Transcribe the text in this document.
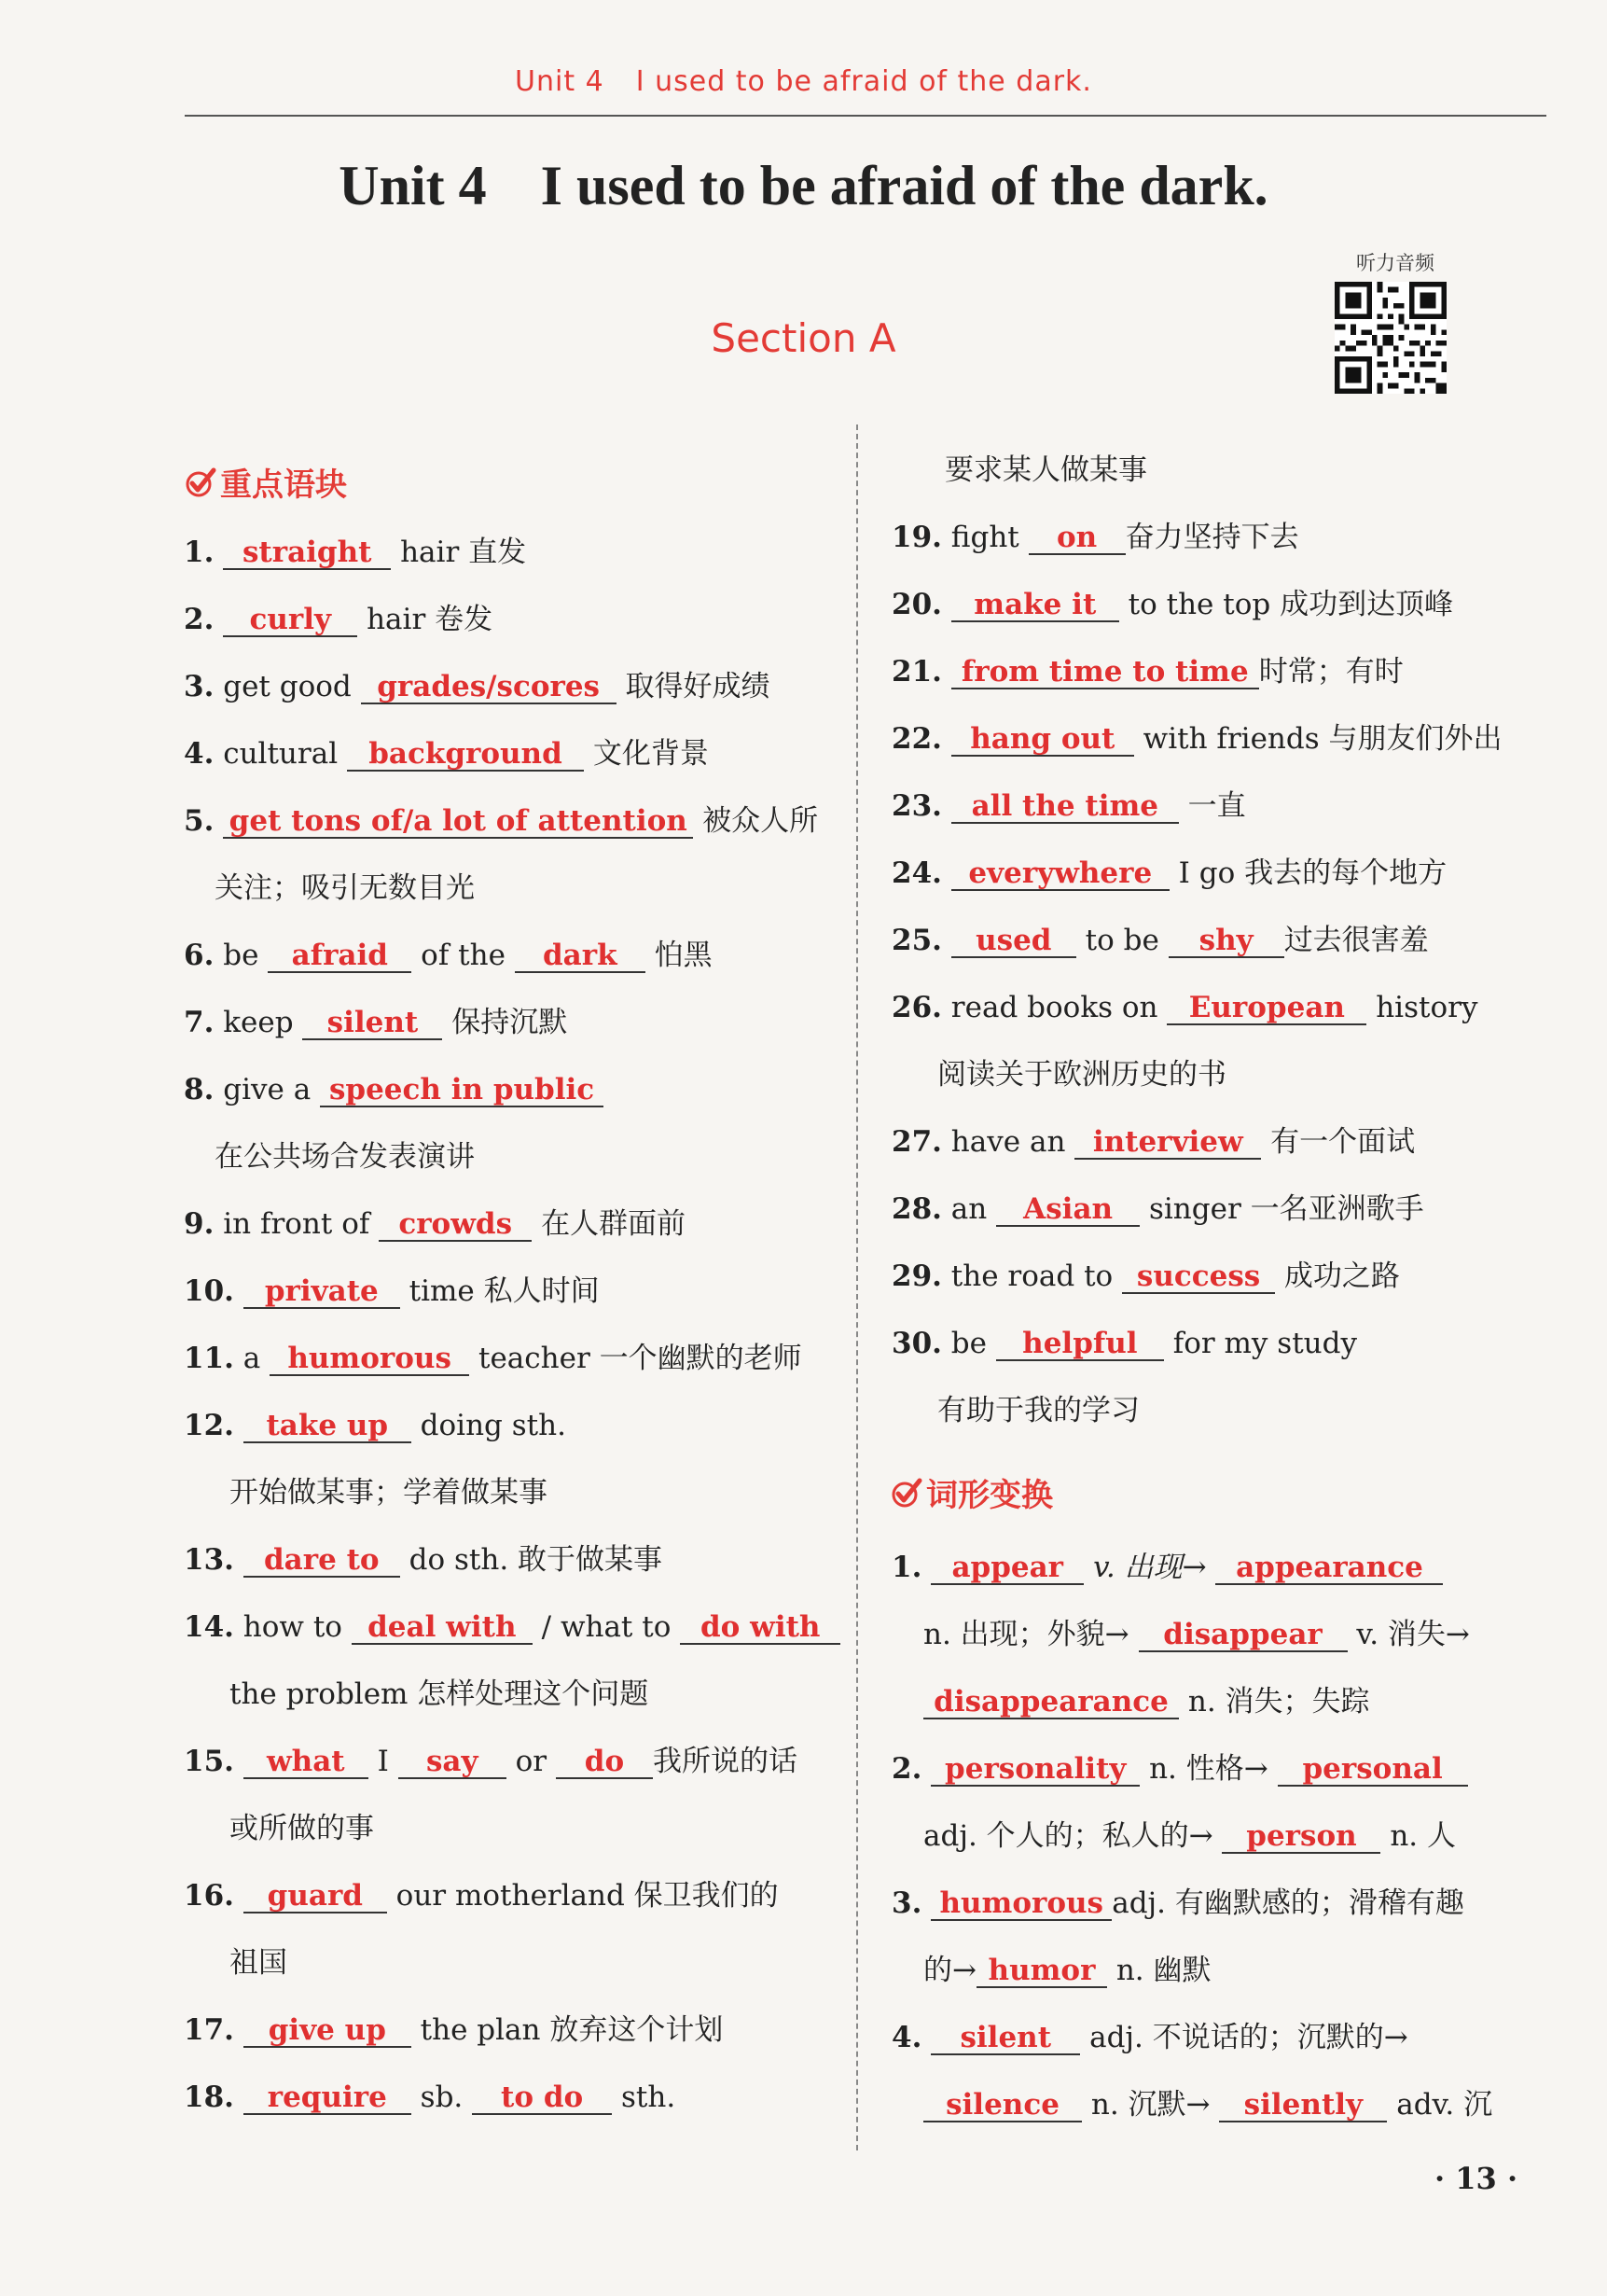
Unit 4 I used to be afraid of the dark.
Unit 4 I used to be afraid of the dark.
听力音频
Section A
重点语块
1. straight hair 直发
2. curly hair 卷发
3. get good grades/scores 取得好成绩
4. cultural background 文化背景
5. get tons of/a lot of attention 被众人所
关注；吸引无数目光
6. be afraid of the dark 怕黑
7. keep silent 保持沉默
8. give a speech in public
在公共场合发表演讲
9. in front of crowds 在人群面前
10. private time 私人时间
11. a humorous teacher 一个幽默的老师
12. take up doing sth.
开始做某事；学着做某事
13. dare to do sth. 敢于做某事
14. how to deal with / what to do with
the problem 怎样处理这个问题
15. what I say or do 我所说的话
或所做的事
16. guard our motherland 保卫我们的
祖国
17. give up the plan 放弃这个计划
18. require sb. to do sth.
要求某人做某事
19. fight on 奋力坚持下去
20. make it to the top 成功到达顶峰
21. from time to time 时常；有时
22. hang out with friends 与朋友们外出
23. all the time 一直
24. everywhere I go 我去的每个地方
25. used to be shy 过去很害羞
26. read books on European history
阅读关于欧洲历史的书
27. have an interview 有一个面试
28. an Asian singer 一名亚洲歌手
29. the road to success 成功之路
30. be helpful for my study
有助于我的学习
词形变换
1. appear v. 出现→ appearance
n. 出现；外貌→ disappear v. 消失→
disappearance n. 消失；失踪
2. personality n. 性格→ personal
adj. 个人的；私人的→ person n. 人
3. humorous adj. 有幽默感的；滑稽有趣
的→ humor n. 幽默
4. silent adj. 不说话的；沉默的→
silence n. 沉默→ silently adv. 沉
· 13 ·
